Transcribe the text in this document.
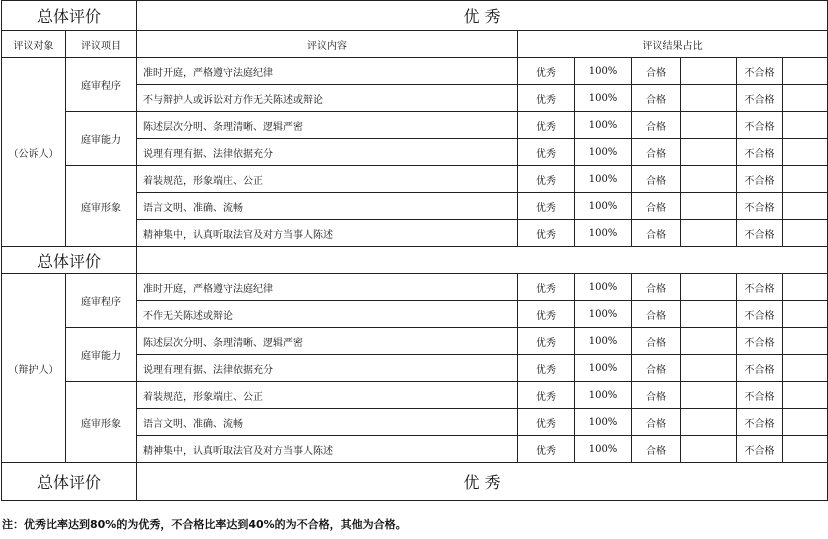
总体评价		优 秀						
评议对象	评议项目	评议内容	评议结果占比					
（公诉人）	庭审程序	准时开庭，严格遵守法庭纪律	优秀	100%	合格		不合格	
		不与辩护人或诉讼对方作无关陈述或辩论	优秀	100%	合格		不合格	
	庭审能力	陈述层次分明、条理清晰、逻辑严密	优秀	100%	合格		不合格	
		说理有理有据、法律依据充分	优秀	100%	合格		不合格	
	庭审形象	着装规范，形象端庄、公正	优秀	100%	合格		不合格	
		语言文明、准确、流畅	优秀	100%	合格		不合格	
		精神集中，认真听取法官及对方当事人陈述	优秀	100%	合格		不合格	
总体评价								
（辩护人）	庭审程序	准时开庭，严格遵守法庭纪律	优秀	100%	合格		不合格	
		不作无关陈述或辩论	优秀	100%	合格		不合格	
	庭审能力	陈述层次分明、条理清晰、逻辑严密	优秀	100%	合格		不合格	
		说理有理有据、法律依据充分	优秀	100%	合格		不合格	
	庭审形象	着装规范，形象端庄、公正	优秀	100%	合格		不合格	
		语言文明、准确、流畅	优秀	100%	合格		不合格	
		精神集中，认真听取法官及对方当事人陈述	优秀	100%	合格		不合格	
总体评价		优 秀						
注：优秀比率达到80%的为优秀，不合格比率达到40%的为不合格，其他为合格。
